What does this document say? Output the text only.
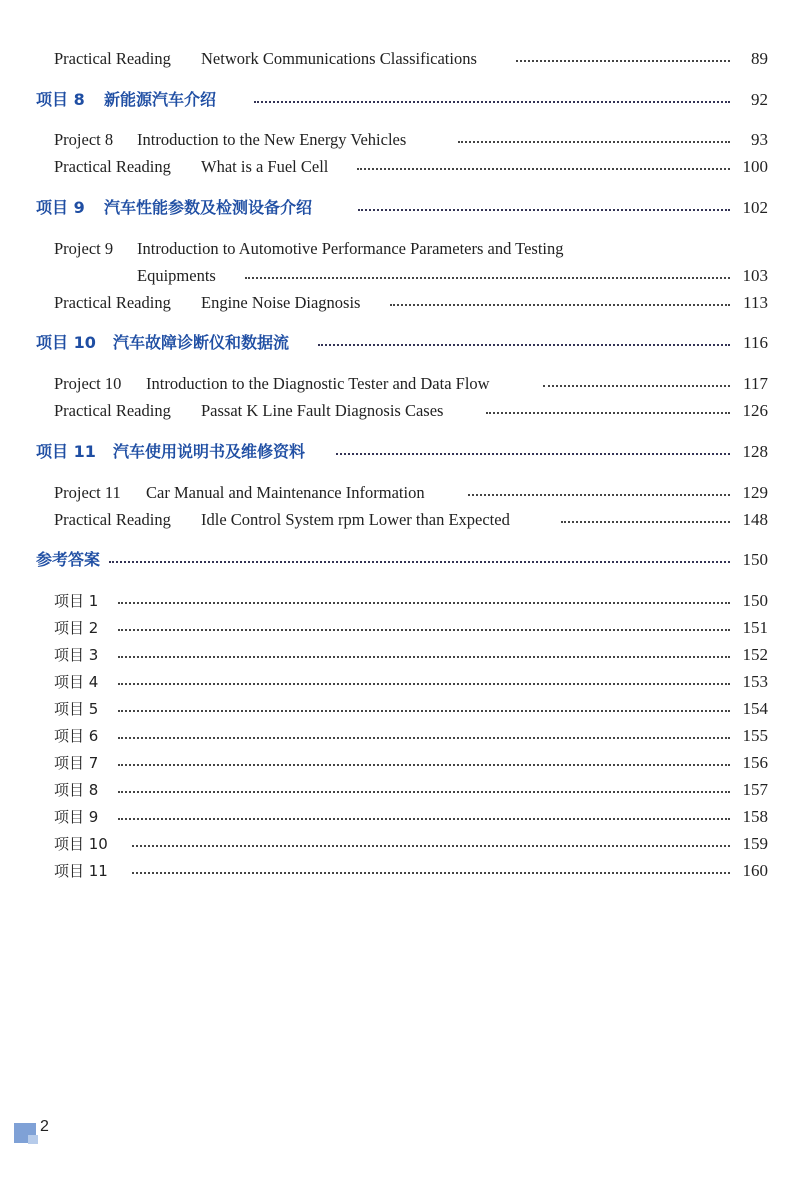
Practical Reading Network Communications Classifications	89
项目 8 新能源汽车介绍	92
Project 8 Introduction to the New Energy Vehicles	93
Practical Reading What is a Fuel Cell	100
项目 9 汽车性能参数及检测设备介绍	102
Project 9 Introduction to Automotive Performance Parameters and Testing
Equipments	103
Practical Reading Engine Noise Diagnosis	113
项目 10 汽车故障诊断仪和数据流	116
Project 10 Introduction to the Diagnostic Tester and Data Flow	117
Practical Reading Passat K Line Fault Diagnosis Cases	126
项目 11 汽车使用说明书及维修资料	128
Project 11 Car Manual and Maintenance Information	129
Practical Reading Idle Control System rpm Lower than Expected	148
参考答案	150
项目 1	150
项目 2	151
项目 3	152
项目 4	153
项目 5	154
项目 6	155
项目 7	156
项目 8	157
项目 9	158
项目 10	159
项目 11	160
2
